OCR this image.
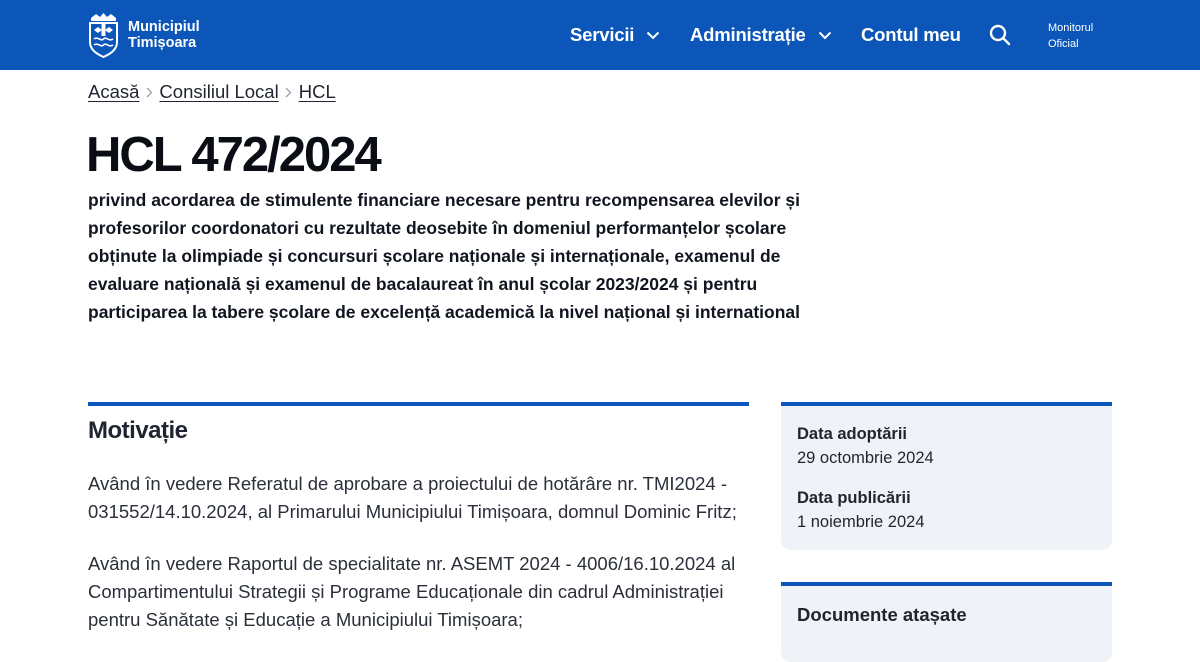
Municipiul
Timișoara	Servicii	Administrație	Contul meu	Monitorul
Oficial
Acasă Consiliul Local HCL
HCL 472/2024

privind acordarea de stimulente financiare necesare pentru recompensarea elevilor și profesorilor coordonatori cu rezultate deosebite în domeniul performanțelor școlare obținute la olimpiade și concursuri școlare naționale și internaționale, examenul de evaluare națională și examenul de bacalaureat în anul școlar 2023/2024 și pentru participarea la tabere școlare de excelență academică la nivel național și international

Motivație

Având în vedere Referatul de aprobare a proiectului de hotărâre nr. TMI2024 - 031552/14.10.2024, al Primarului Municipiului Timișoara, domnul Dominic Fritz;

Având în vedere Raportul de specialitate nr. ASEMT 2024 - 4006/16.10.2024 al Compartimentului Strategii și Programe Educaționale din cadrul Administrației pentru Sănătate și Educație a Municipiului Timișoara;

Data adoptării
29 octombrie 2024
Data publicării
1 noiembrie 2024
Documente atașate
